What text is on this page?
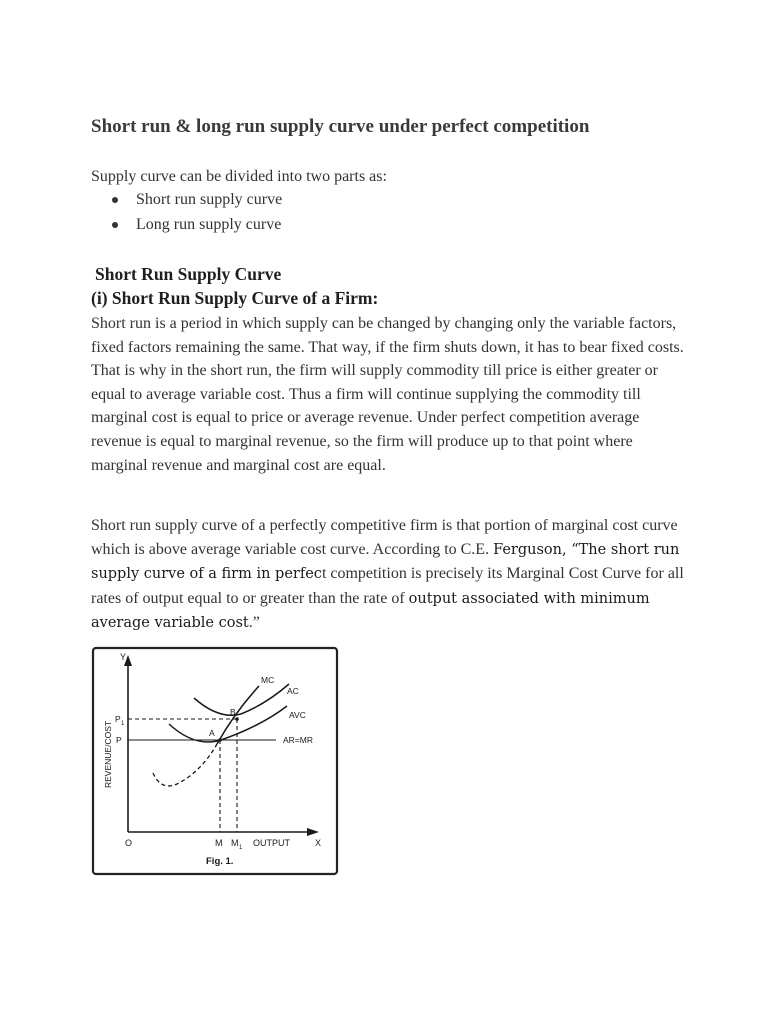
Short run & long run supply curve under perfect competition

Supply curve can be divided into two parts as:

Short run supply curve
Long run supply curve
Short Run Supply Curve
(i) Short Run Supply Curve of a Firm:

Short run is a period in which supply can be changed by changing only the variable factors, fixed factors remaining the same. That way, if the firm shuts down, it has to bear fixed costs. That is why in the short run, the firm will supply commodity till price is either greater or equal to average variable cost. Thus a firm will continue supplying the commodity till marginal cost is equal to price or average revenue. Under perfect competition average revenue is equal to marginal revenue, so the firm will produce up to that point where marginal revenue and marginal cost are equal.

Short run supply curve of a perfectly competitive firm is that portion of marginal cost curve which is above average variable cost curve. According to C.E. Ferguson, “The short run supply curve of a firm in perfect competition is precisely its Marginal Cost Curve for all rates of output equal to or greater than the rate of output associated with minimum average variable cost.”

Y
REVENUE/COST
P 1
P
O	M M 1 OUTPUT	X
A
B
MC
AC
AVC
AR=MR
Fig. 1.
